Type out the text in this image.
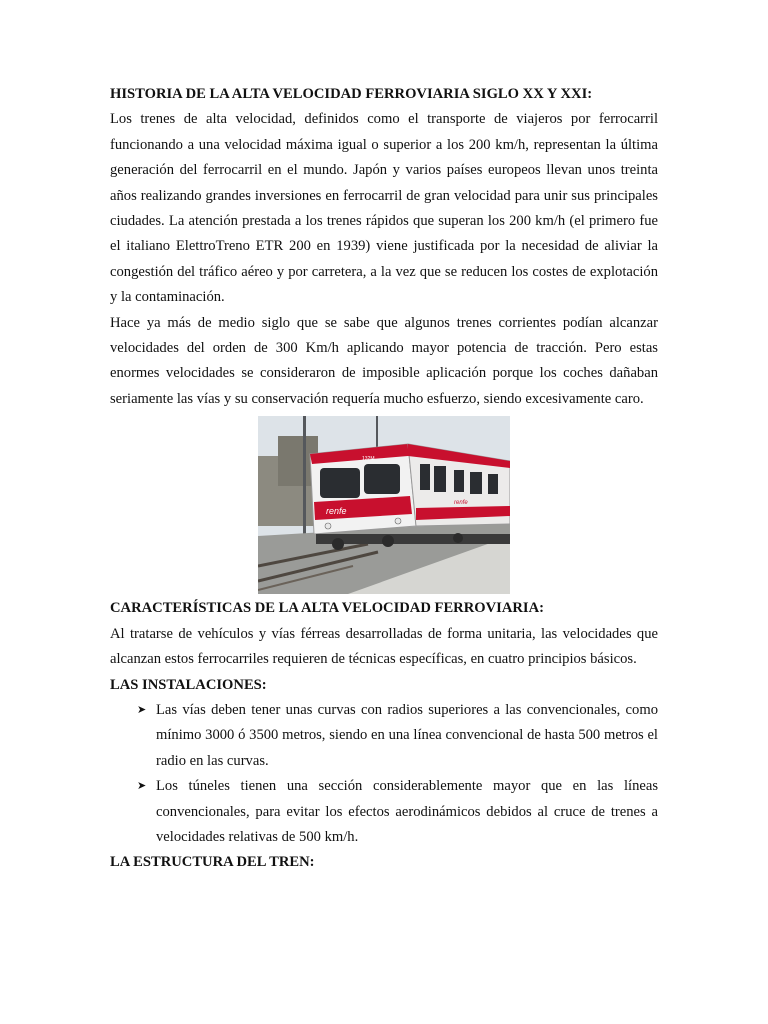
HISTORIA DE LA ALTA VELOCIDAD FERROVIARIA SIGLO XX Y XXI:

Los trenes de alta velocidad, definidos como el transporte de viajeros por ferrocarril funcionando a una velocidad máxima igual o superior a los 200 km/h, representan la última generación del ferrocarril en el mundo. Japón y varios países europeos llevan unos treinta años realizando grandes inversiones en ferrocarril de gran velocidad para unir sus principales ciudades. La atención prestada a los trenes rápidos que superan los 200 km/h (el primero fue el italiano ElettroTreno ETR 200 en 1939) viene justificada por la necesidad de aliviar la congestión del tráfico aéreo y por carretera, a la vez que se reducen los costes de explotación y la contaminación.

Hace ya más de medio siglo que se sabe que algunos trenes corrientes podían alcanzar velocidades del orden de 300 Km/h aplicando mayor potencia de tracción. Pero estas enormes velocidades se consideraron de imposible aplicación porque los coches dañaban seriamente las vías y su conservación requería mucho esfuerzo, siendo excesivamente caro.

renfe
132M
renfe

CARACTERÍSTICAS DE LA ALTA VELOCIDAD FERROVIARIA:

Al tratarse de vehículos y vías férreas desarrolladas de forma unitaria, las velocidades que alcanzan estos ferrocarriles requieren de técnicas específicas, en cuatro principios básicos.

LAS INSTALACIONES:

➤ Las vías deben tener unas curvas con radios superiores a las convencionales, como mínimo 3000 ó 3500 metros, siendo en una línea convencional de hasta 500 metros el radio en las curvas.
➤ Los túneles tienen una sección considerablemente mayor que en las líneas convencionales, para evitar los efectos aerodinámicos debidos al cruce de trenes a velocidades relativas de 500 km/h.

LA ESTRUCTURA DEL TREN:
